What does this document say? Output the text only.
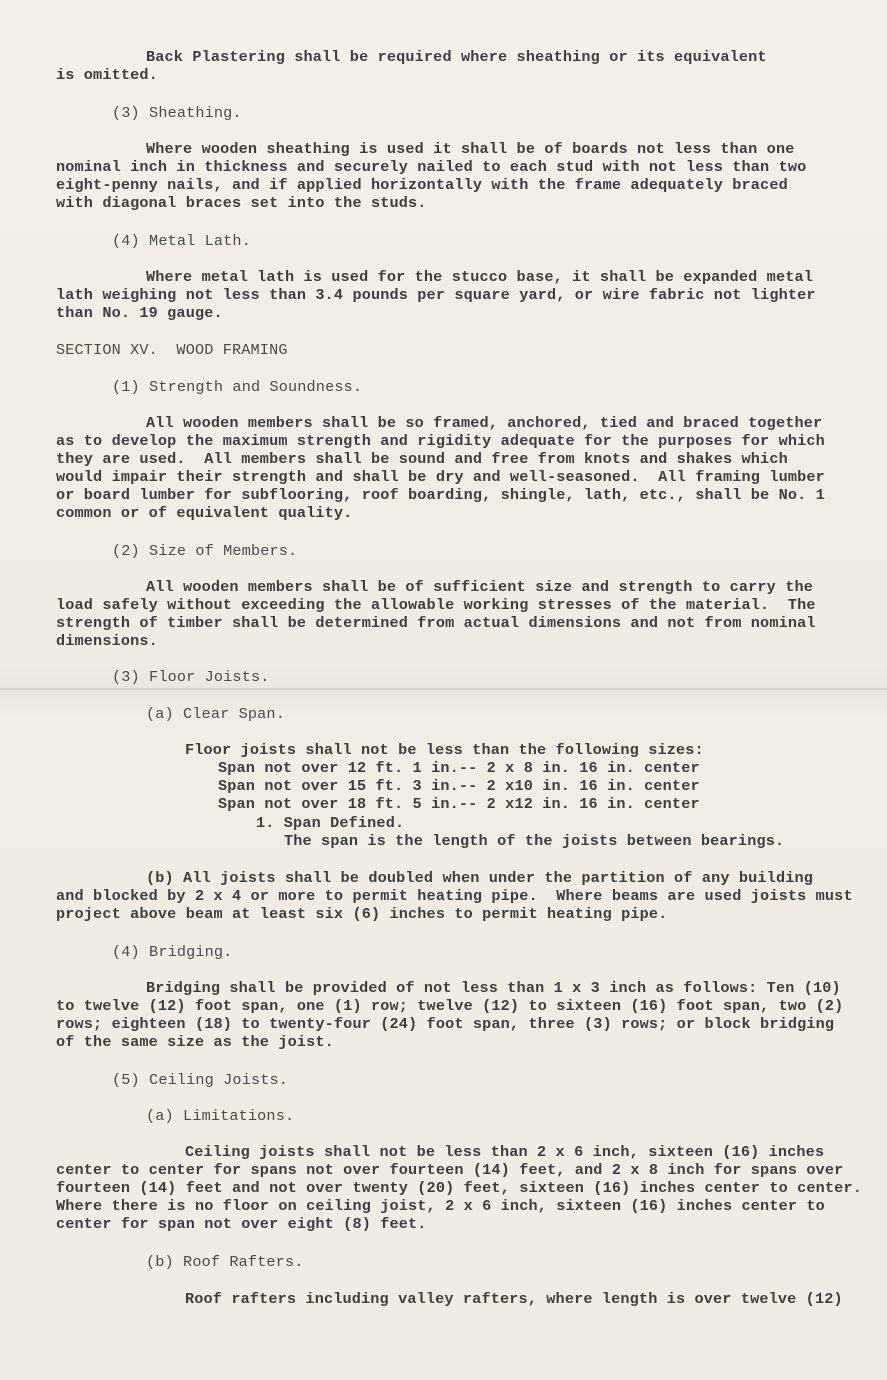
Back Plastering shall be required where sheathing or its equivalent
is omitted.
(3) Sheathing.
Where wooden sheathing is used it shall be of boards not less than one
nominal inch in thickness and securely nailed to each stud with not less than two
eight-penny nails, and if applied horizontally with the frame adequately braced
with diagonal braces set into the studs.
(4) Metal Lath.
Where metal lath is used for the stucco base, it shall be expanded metal
lath weighing not less than 3.4 pounds per square yard, or wire fabric not lighter
than No. 19 gauge.
SECTION XV.  WOOD FRAMING
(1) Strength and Soundness.
All wooden members shall be so framed, anchored, tied and braced together
as to develop the maximum strength and rigidity adequate for the purposes for which
they are used.  All members shall be sound and free from knots and shakes which
would impair their strength and shall be dry and well-seasoned.  All framing lumber
or board lumber for subflooring, roof boarding, shingle, lath, etc., shall be No. 1
common or of equivalent quality.
(2) Size of Members.
All wooden members shall be of sufficient size and strength to carry the
load safely without exceeding the allowable working stresses of the material.  The
strength of timber shall be determined from actual dimensions and not from nominal
dimensions.
(3) Floor Joists.
(a) Clear Span.
Floor joists shall not be less than the following sizes:
Span not over 12 ft. 1 in.-- 2 x 8 in. 16 in. center
Span not over 15 ft. 3 in.-- 2 x10 in. 16 in. center
Span not over 18 ft. 5 in.-- 2 x12 in. 16 in. center
1. Span Defined.
The span is the length of the joists between bearings.
(b) All joists shall be doubled when under the partition of any building
and blocked by 2 x 4 or more to permit heating pipe.  Where beams are used joists must
project above beam at least six (6) inches to permit heating pipe.
(4) Bridging.
Bridging shall be provided of not less than 1 x 3 inch as follows: Ten (10)
to twelve (12) foot span, one (1) row; twelve (12) to sixteen (16) foot span, two (2)
rows; eighteen (18) to twenty-four (24) foot span, three (3) rows; or block bridging
of the same size as the joist.
(5) Ceiling Joists.
(a) Limitations.
Ceiling joists shall not be less than 2 x 6 inch, sixteen (16) inches
center to center for spans not over fourteen (14) feet, and 2 x 8 inch for spans over
fourteen (14) feet and not over twenty (20) feet, sixteen (16) inches center to center.
Where there is no floor on ceiling joist, 2 x 6 inch, sixteen (16) inches center to
center for span not over eight (8) feet.
(b) Roof Rafters.
Roof rafters including valley rafters, where length is over twelve (12)
